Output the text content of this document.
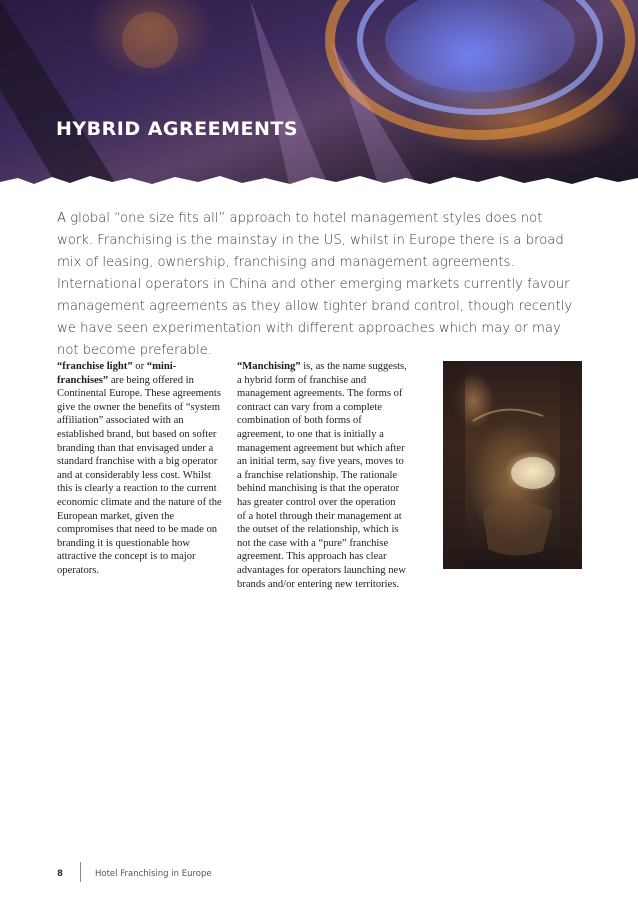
HYBRID AGREEMENTS

A global “one size fits all” approach to hotel management styles does not work. Franchising is the mainstay in the US, whilst in Europe there is a broad mix of leasing, ownership, franchising and management agreements. International operators in China and other emerging markets currently favour management agreements as they allow tighter brand control, though recently we have seen experimentation with different approaches which may or may not become preferable.

“franchise light” or “mini-franchises” are being offered in Continental Europe. These agreements give the owner the benefits of “system affiliation” associated with an established brand, but based on softer branding than that envisaged under a standard franchise with a big operator and at considerably less cost. Whilst this is clearly a reaction to the current economic climate and the nature of the European market, given the compromises that need to be made on branding it is questionable how attractive the concept is to major operators.

“Manchising” is, as the name suggests, a hybrid form of franchise and management agreements. The forms of contract can vary from a complete combination of both forms of agreement, to one that is initially a management agreement but which after an initial term, say five years, moves to a franchise relationship. The rationale behind manchising is that the operator has greater control over the operation of a hotel through their management at the outset of the relationship, which is not the case with a “pure” franchise agreement. This approach has clear advantages for operators launching new brands and/or entering new territories.

8	Hotel Franchising in Europe
